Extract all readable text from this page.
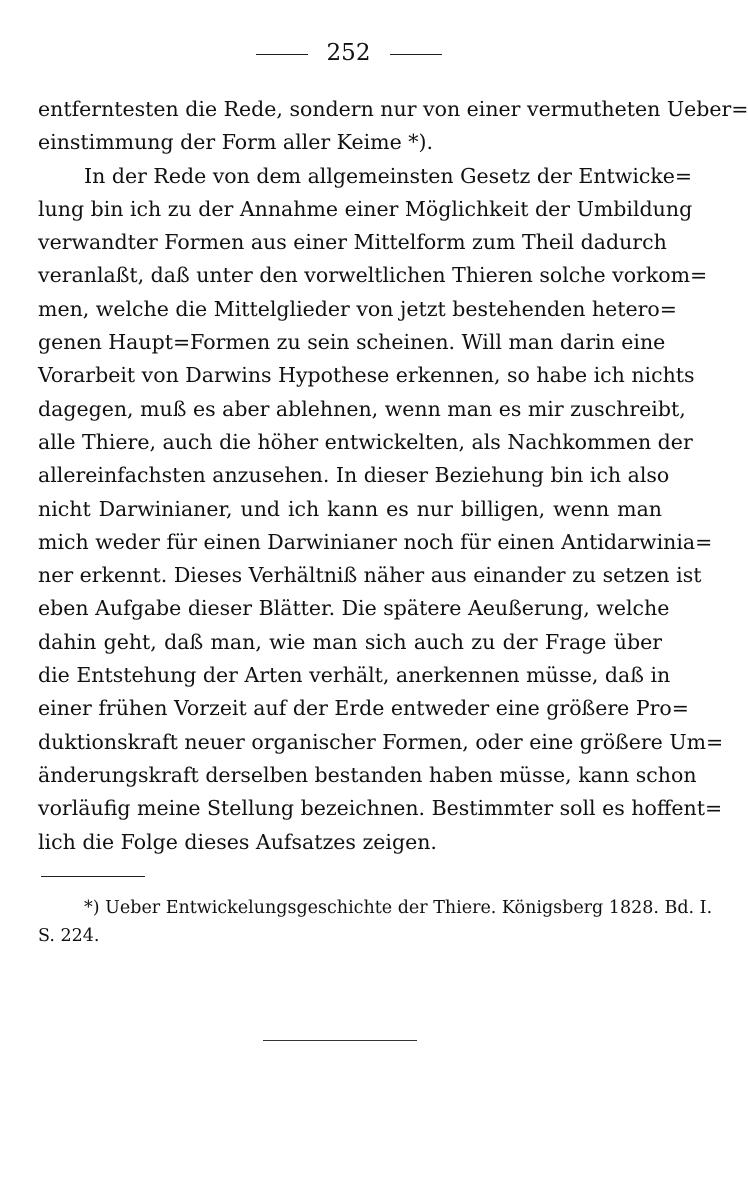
252
entferntesten die Rede, sondern nur von einer vermutheten Ueber=
einstimmung der Form aller Keime *).
In der Rede von dem allgemeinsten Gesetz der Entwicke=
lung bin ich zu der Annahme einer Möglichkeit der Umbildung
verwandter Formen aus einer Mittelform zum Theil dadurch
veranlaßt, daß unter den vorweltlichen Thieren solche vorkom=
men, welche die Mittelglieder von jetzt bestehenden hetero=
genen Haupt=Formen zu sein scheinen. Will man darin eine
Vorarbeit von Darwins Hypothese erkennen, so habe ich nichts
dagegen, muß es aber ablehnen, wenn man es mir zuschreibt,
alle Thiere, auch die höher entwickelten, als Nachkommen der
allereinfachsten anzusehen. In dieser Beziehung bin ich also
nicht Darwinianer, und ich kann es nur billigen, wenn man
mich weder für einen Darwinianer noch für einen Antidarwinia=
ner erkennt. Dieses Verhältniß näher aus einander zu setzen ist
eben Aufgabe dieser Blätter. Die spätere Aeußerung, welche
dahin geht, daß man, wie man sich auch zu der Frage über
die Entstehung der Arten verhält, anerkennen müsse, daß in
einer frühen Vorzeit auf der Erde entweder eine größere Pro=
duktionskraft neuer organischer Formen, oder eine größere Um=
änderungskraft derselben bestanden haben müsse, kann schon
vorläufig meine Stellung bezeichnen. Bestimmter soll es hoffent=
lich die Folge dieses Aufsatzes zeigen.
*) Ueber Entwickelungsgeschichte der Thiere. Königsberg 1828. Bd. I.
S. 224.
